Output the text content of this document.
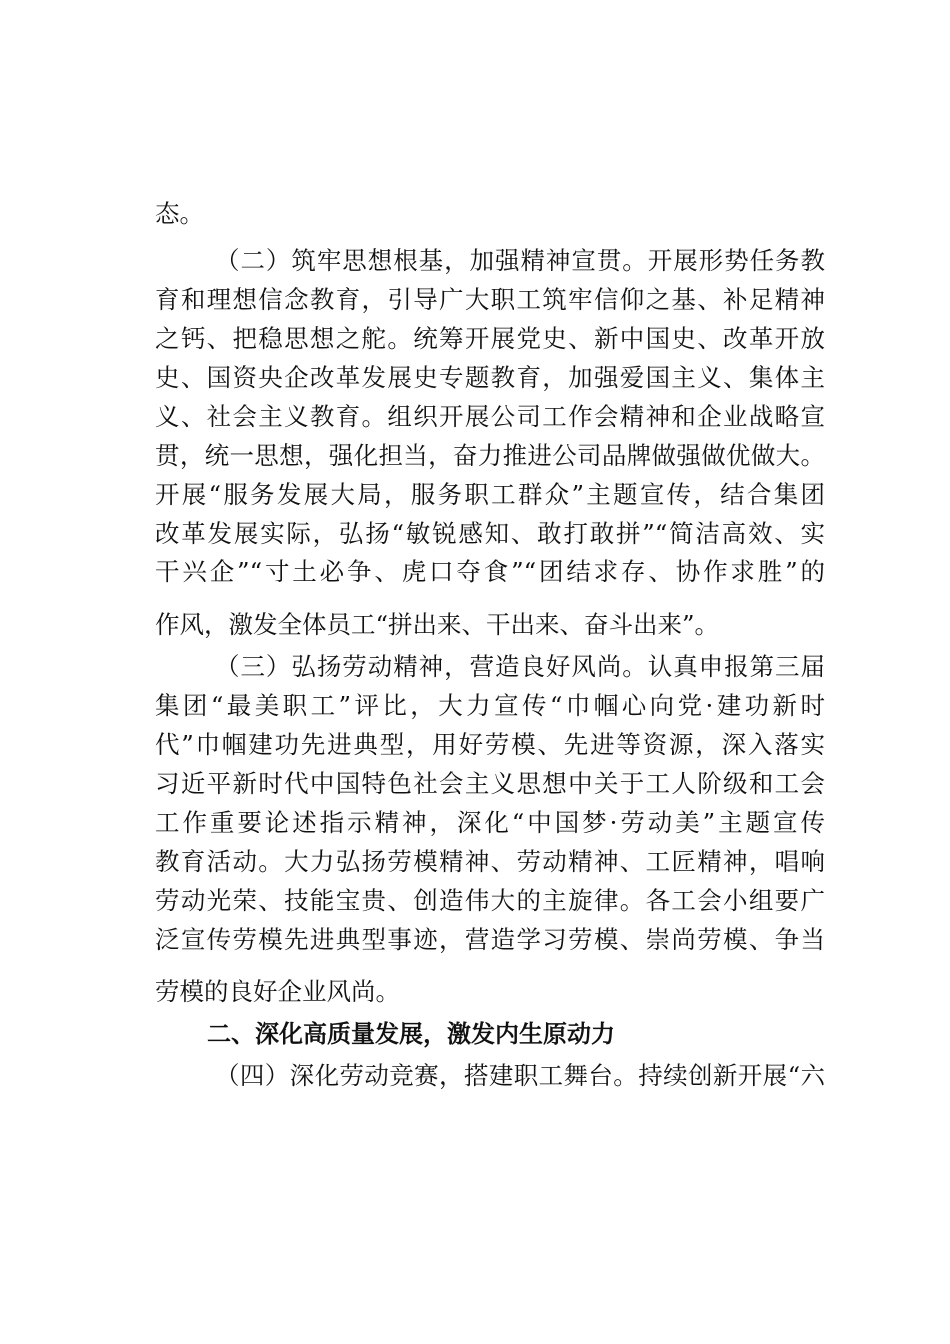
态。
（二）筑牢思想根基，加强精神宣贯。开展形势任务教
育和理想信念教育，引导广大职工筑牢信仰之基、补足精神
之钙、把稳思想之舵。统筹开展党史、新中国史、改革开放
史、国资央企改革发展史专题教育，加强爱国主义、集体主
义、社会主义教育。组织开展公司工作会精神和企业战略宣
贯，统一思想，强化担当，奋力推进公司品牌做强做优做大。
开展“服务发展大局，服务职工群众”主题宣传，结合集团
改革发展实际，弘扬“敏锐感知、敢打敢拼”“简洁高效、实
干兴企”“寸土必争、虎口夺食”“团结求存、协作求胜”的
作风，激发全体员工“拼出来、干出来、奋斗出来”。
（三）弘扬劳动精神，营造良好风尚。认真申报第三届
集团“最美职工”评比，大力宣传“巾帼心向党·建功新时
代”巾帼建功先进典型，用好劳模、先进等资源，深入落实
习近平新时代中国特色社会主义思想中关于工人阶级和工会
工作重要论述指示精神，深化“中国梦·劳动美”主题宣传
教育活动。大力弘扬劳模精神、劳动精神、工匠精神，唱响
劳动光荣、技能宝贵、创造伟大的主旋律。各工会小组要广
泛宣传劳模先进典型事迹，营造学习劳模、崇尚劳模、争当
劳模的良好企业风尚。
二、深化高质量发展，激发内生原动力
（四）深化劳动竞赛，搭建职工舞台。持续创新开展“六
